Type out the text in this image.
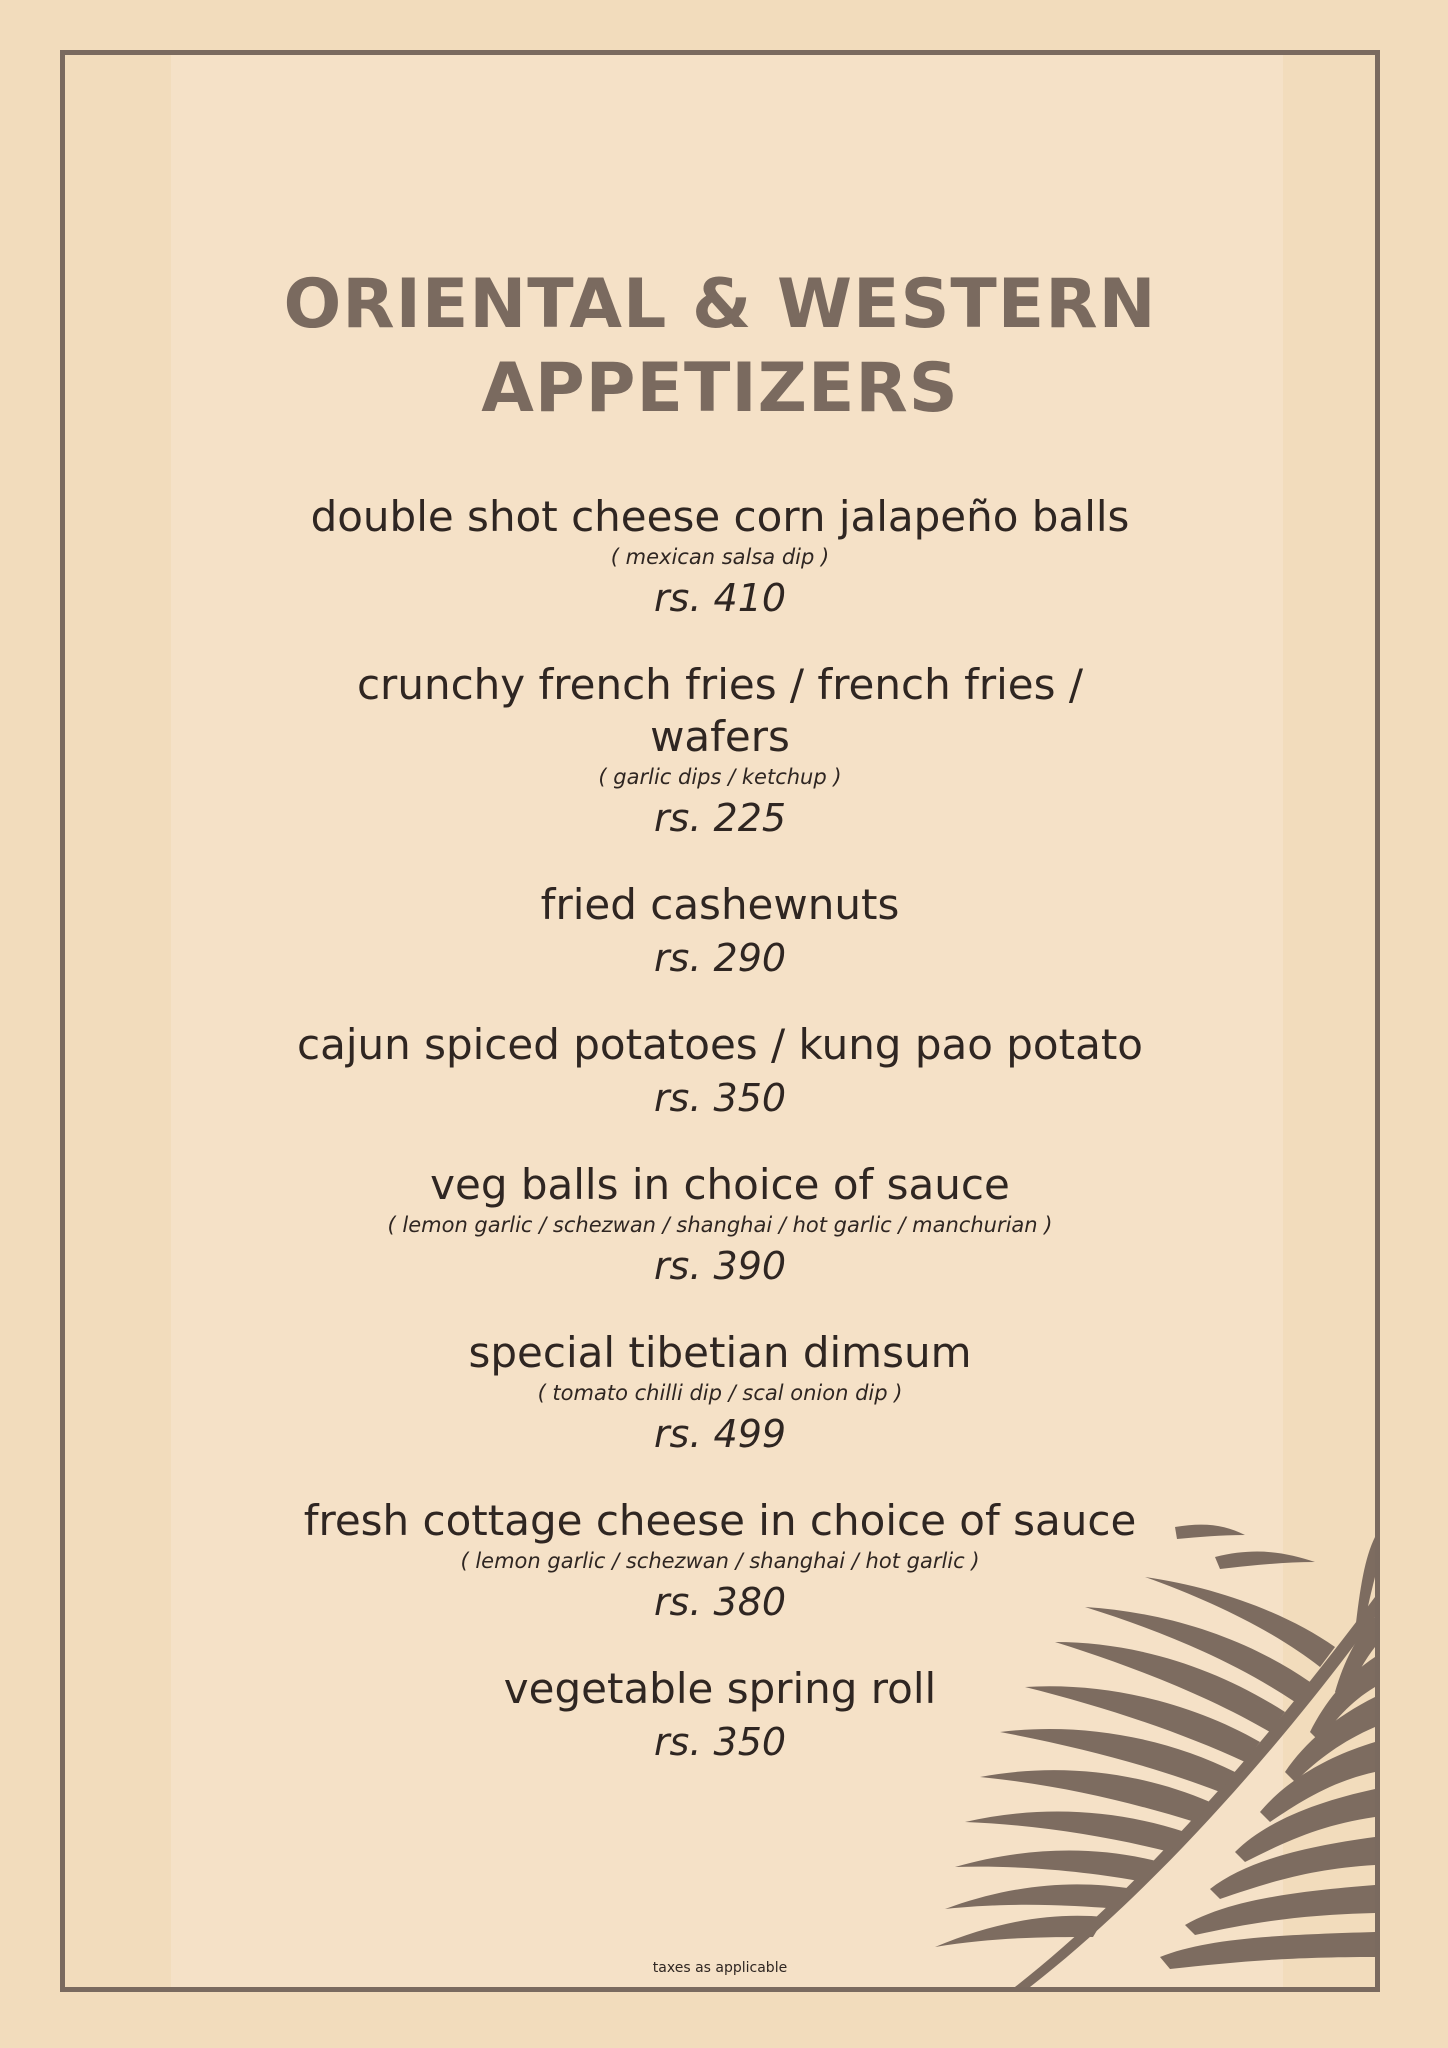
ORIENTAL & WESTERN
APPETIZERS
double shot cheese corn jalapeño balls
( mexican salsa dip )
rs. 410
crunchy french fries / french fries / wafers
( garlic dips / ketchup )
rs. 225
fried cashewnuts
rs. 290
cajun spiced potatoes / kung pao potato
rs. 350
veg balls in choice of sauce
( lemon garlic / schezwan / shanghai / hot garlic / manchurian )
rs. 390
special tibetian dimsum
( tomato chilli dip / scal onion dip )
rs. 499
fresh cottage cheese in choice of sauce
( lemon garlic / schezwan / shanghai / hot garlic )
rs. 380
vegetable spring roll
rs. 350
taxes as applicable
